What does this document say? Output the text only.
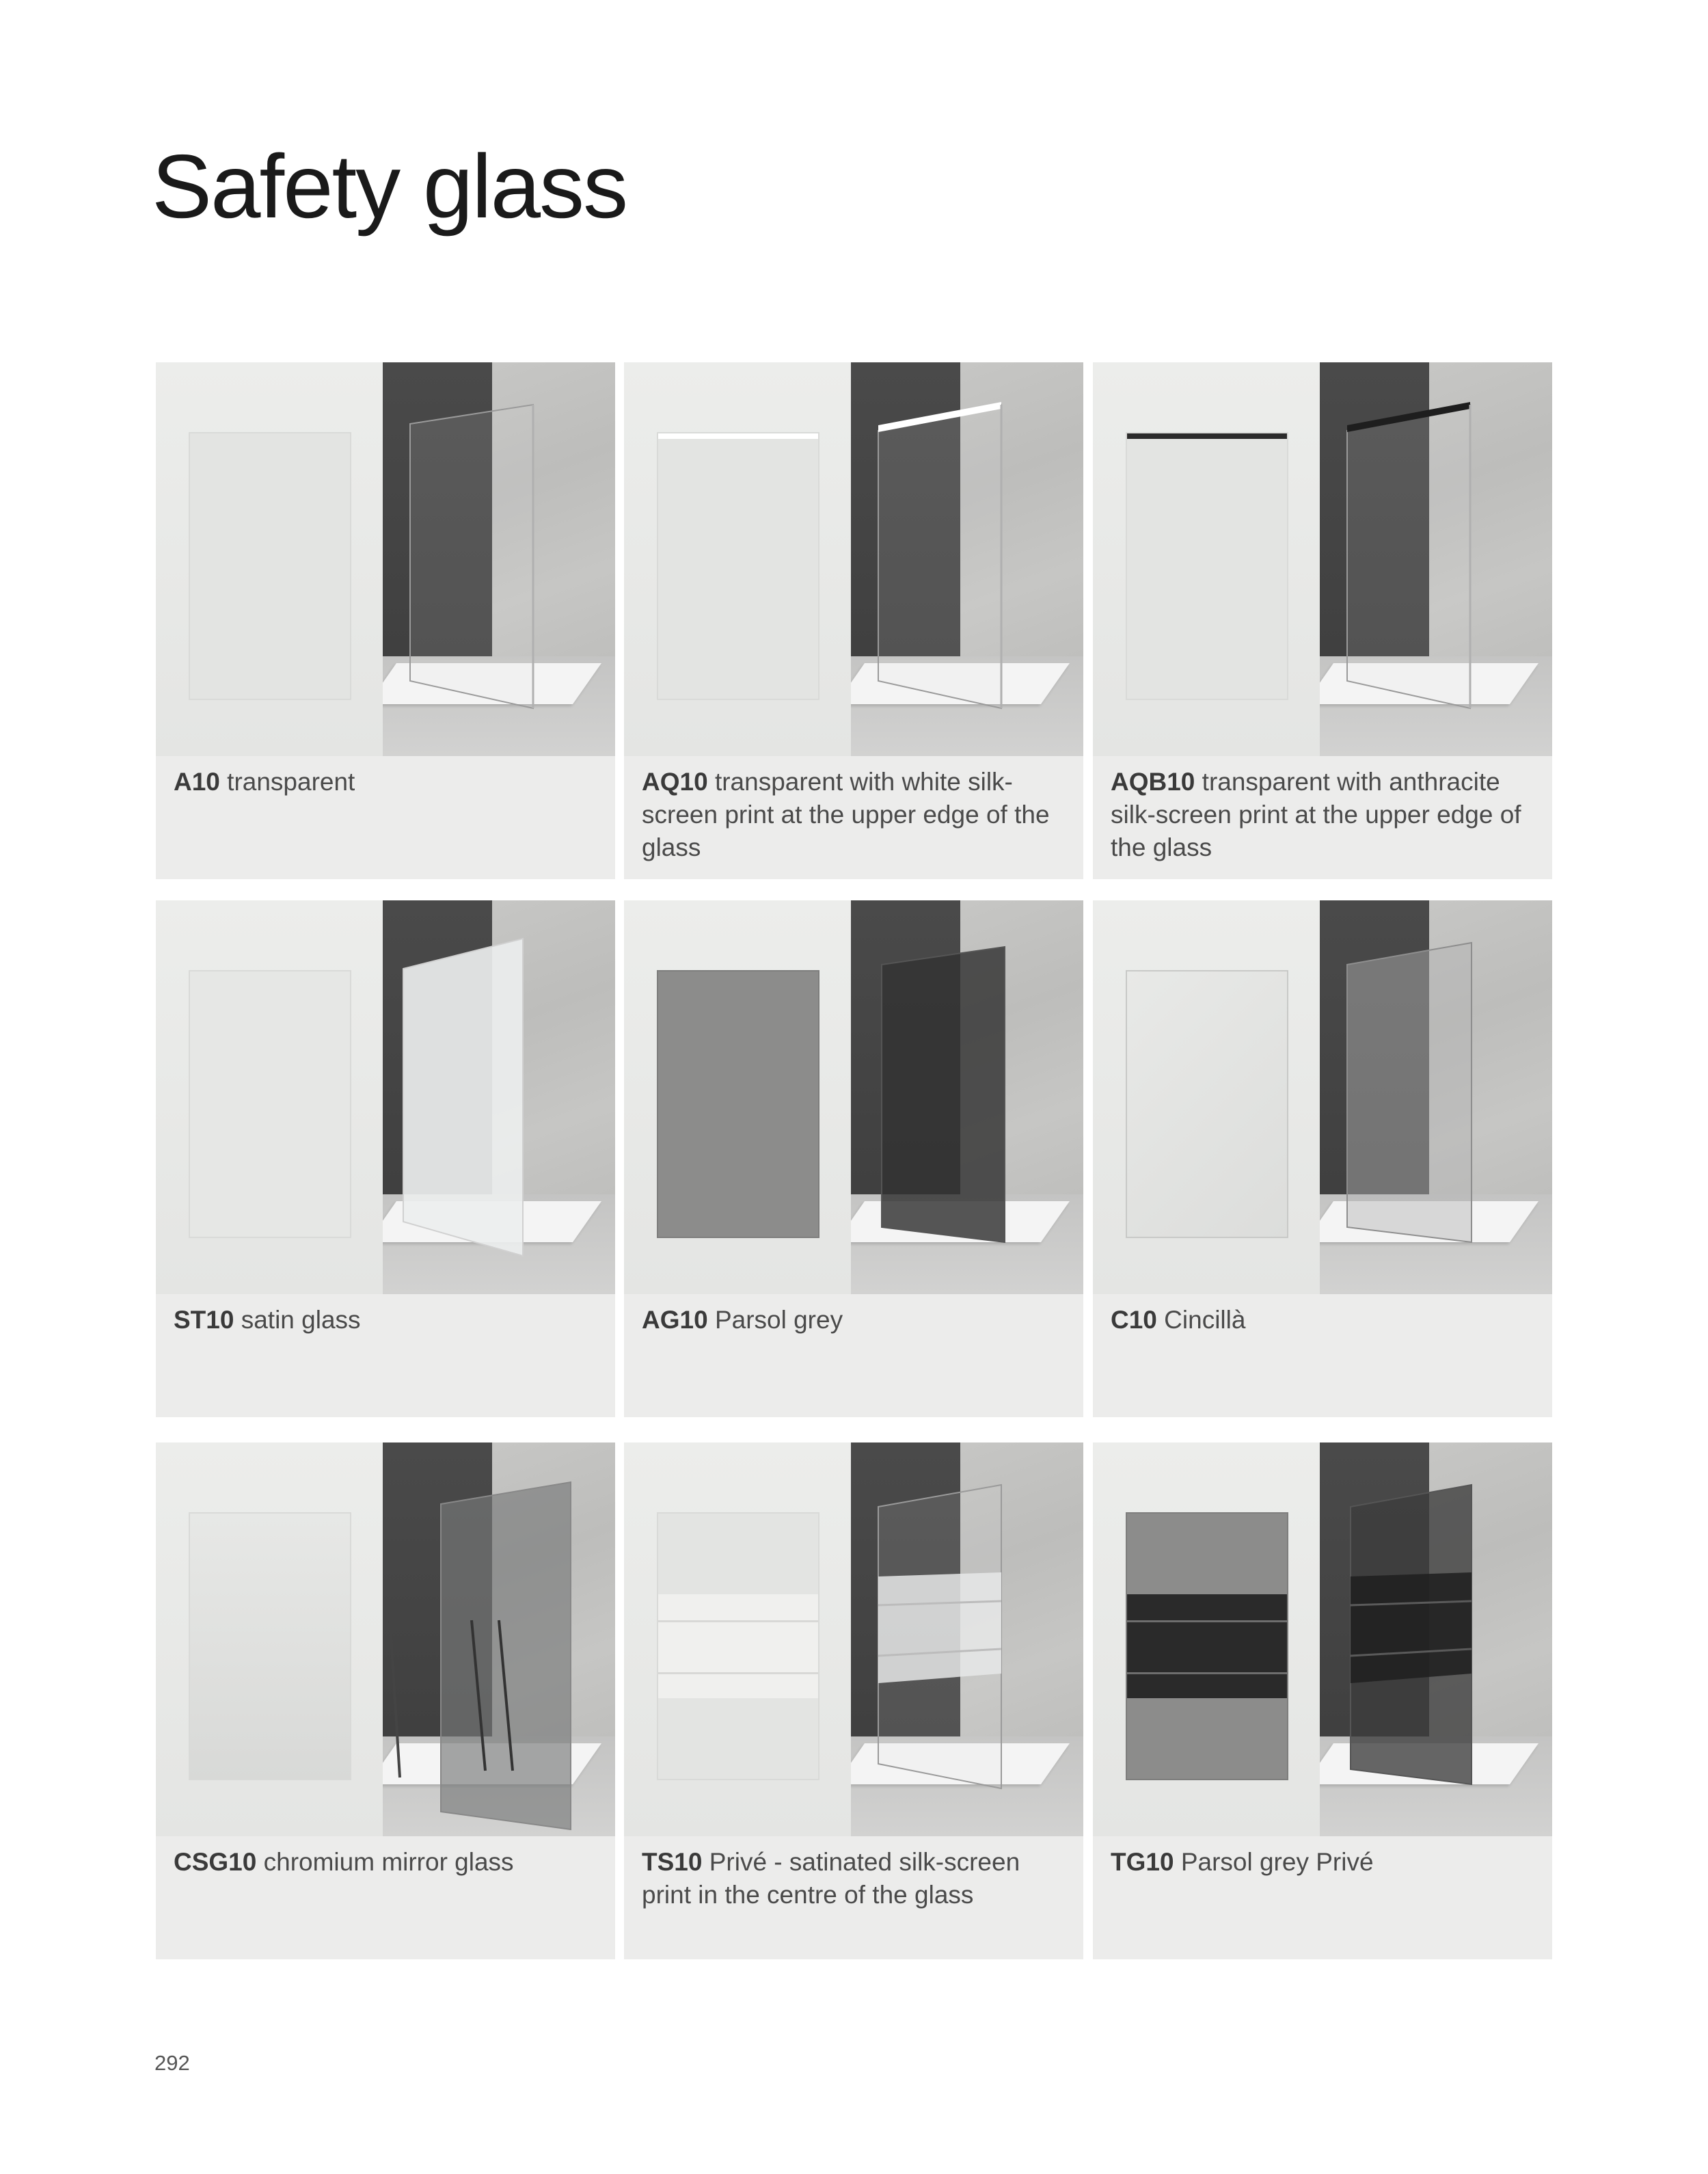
Safety glass
A10 transparent	AQ10 transparent with white silk-screen print at the upper edge of the glass
AQB10 transparent with anthracite silk-screen print at the upper edge of the glass
ST10 satin glass	AG10 Parsol grey	C10 Cincillà
CSG10 chromium mirror glass	TS10 Privé - satinated silk-screen print in the centre of the glass
TG10 Parsol grey Privé
292
